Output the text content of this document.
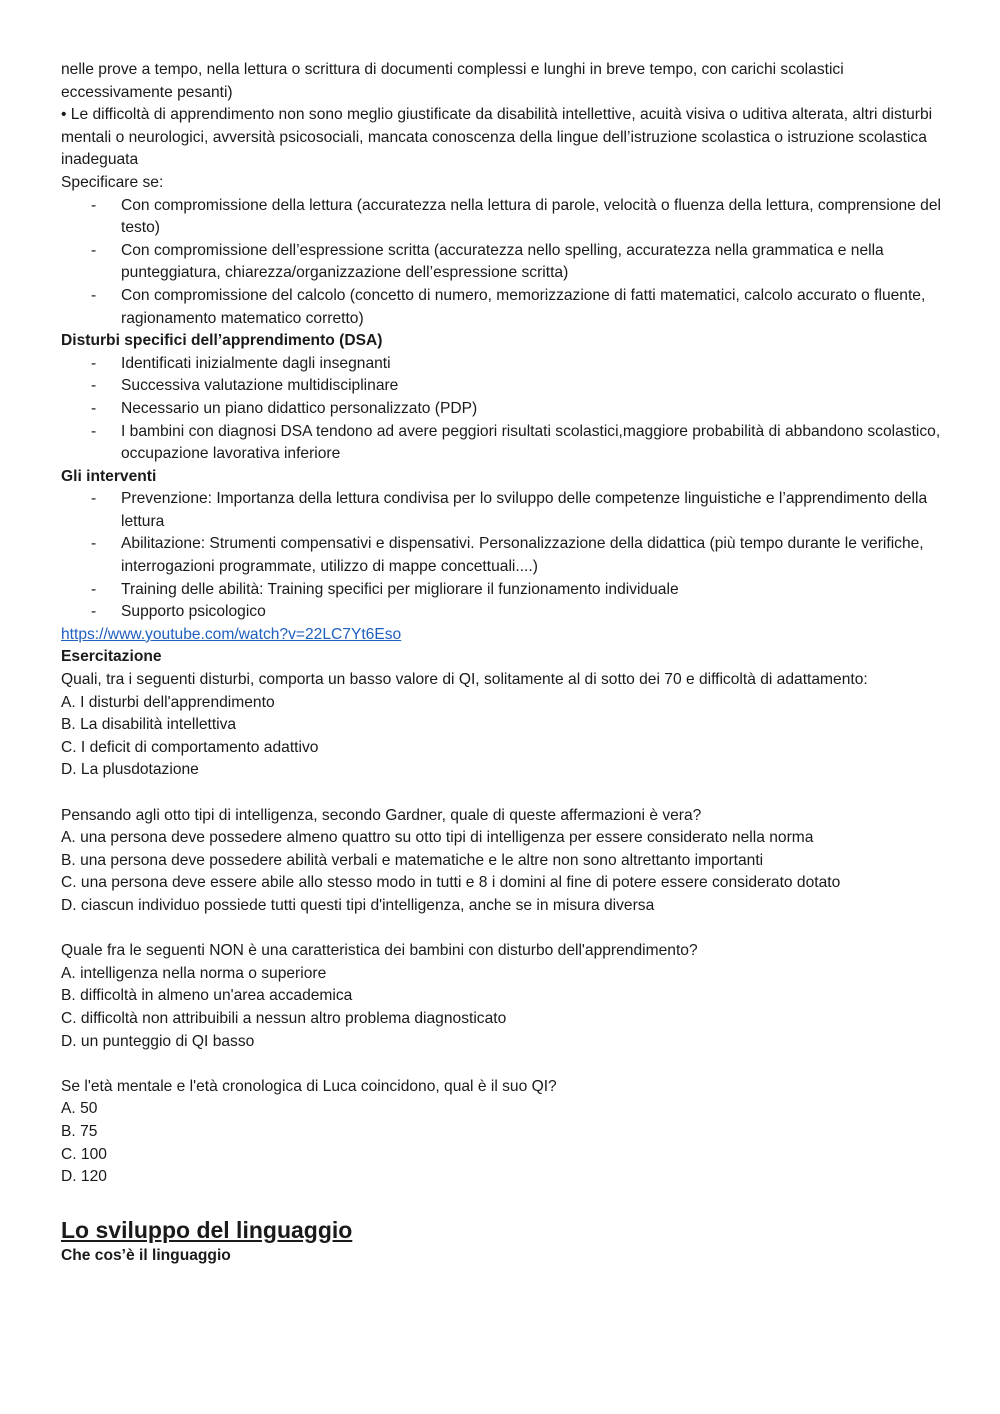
nelle prove a tempo, nella lettura o scrittura di documenti complessi e lunghi in breve tempo, con carichi scolastici eccessivamente pesanti)

• Le difficoltà di apprendimento non sono meglio giustificate da disabilità intellettive, acuità visiva o uditiva alterata, altri disturbi mentali o neurologici, avversità psicosociali, mancata conoscenza della lingue dell’istruzione scolastica o istruzione scolastica inadeguata

Specificare se:

- Con compromissione della lettura (accuratezza nella lettura di parole, velocità o fluenza della lettura, comprensione del testo)
- Con compromissione dell’espressione scritta (accuratezza nello spelling, accuratezza nella grammatica e nella punteggiatura, chiarezza/organizzazione dell’espressione scritta)
- Con compromissione del calcolo (concetto di numero, memorizzazione di fatti matematici, calcolo accurato o fluente, ragionamento matematico corretto)

Disturbi specifici dell’apprendimento (DSA)

- Identificati inizialmente dagli insegnanti
- Successiva valutazione multidisciplinare
- Necessario un piano didattico personalizzato (PDP)
- I bambini con diagnosi DSA tendono ad avere peggiori risultati scolastici,maggiore probabilità di abbandono scolastico, occupazione lavorativa inferiore

Gli interventi

- Prevenzione: Importanza della lettura condivisa per lo sviluppo delle competenze linguistiche e l’apprendimento della lettura
- Abilitazione: Strumenti compensativi e dispensativi. Personalizzazione della didattica (più tempo durante le verifiche, interrogazioni programmate, utilizzo di mappe concettuali....)
- Training delle abilità: Training specifici per migliorare il funzionamento individuale
- Supporto psicologico

https://www.youtube.com/watch?v=22LC7Yt6Eso

Esercitazione

Quali, tra i seguenti disturbi, comporta un basso valore di QI, solitamente al di sotto dei 70 e difficoltà di adattamento:

A. I disturbi dell'apprendimento

B. La disabilità intellettiva

C. I deficit di comportamento adattivo

D. La plusdotazione

Pensando agli otto tipi di intelligenza, secondo Gardner, quale di queste affermazioni è vera?

A. una persona deve possedere almeno quattro su otto tipi di intelligenza per essere considerato nella norma

B. una persona deve possedere abilità verbali e matematiche e le altre non sono altrettanto importanti

C. una persona deve essere abile allo stesso modo in tutti e 8 i domini al fine di potere essere considerato dotato

D. ciascun individuo possiede tutti questi tipi d'intelligenza, anche se in misura diversa

Quale fra le seguenti NON è una caratteristica dei bambini con disturbo dell'apprendimento?

A. intelligenza nella norma o superiore

B. difficoltà in almeno un'area accademica

C. difficoltà non attribuibili a nessun altro problema diagnosticato

D. un punteggio di QI basso

Se l'età mentale e l'età cronologica di Luca coincidono, qual è il suo QI?

A. 50

B. 75

C. 100

D. 120

Lo sviluppo del linguaggio

Che cos’è il linguaggio
